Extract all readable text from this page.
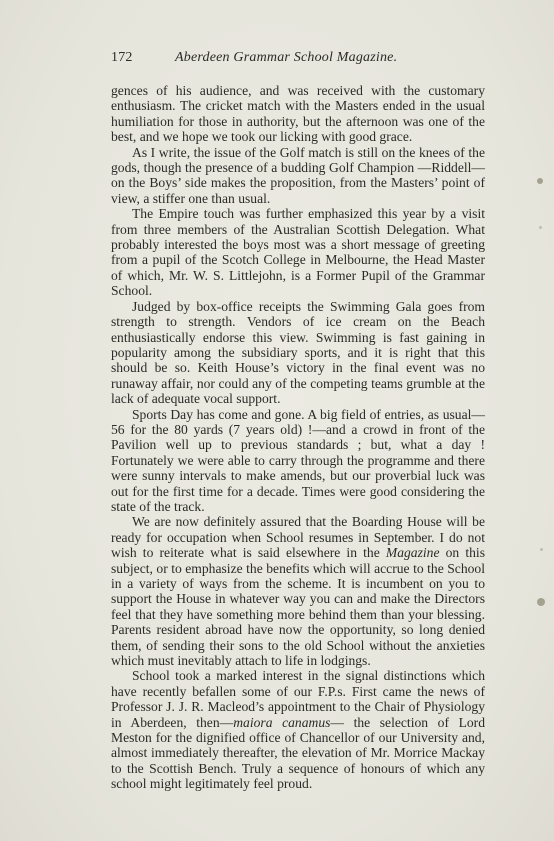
172	Aberdeen Grammar School Magazine.

gences of his audience, and was received with the customary enthusiasm. The cricket match with the Masters ended in the usual humiliation for those in authority, but the afternoon was one of the best, and we hope we took our licking with good grace.

As I write, the issue of the Golf match is still on the knees of the gods, though the presence of a budding Golf Champion —Riddell—on the Boys’ side makes the proposition, from the Masters’ point of view, a stiffer one than usual.

The Empire touch was further emphasized this year by a visit from three members of the Australian Scottish Delegation. What probably interested the boys most was a short message of greeting from a pupil of the Scotch College in Melbourne, the Head Master of which, Mr. W. S. Littlejohn, is a Former Pupil of the Grammar School.

Judged by box-office receipts the Swimming Gala goes from strength to strength. Vendors of ice cream on the Beach enthusiastically endorse this view. Swimming is fast gaining in popularity among the subsidiary sports, and it is right that this should be so. Keith House’s victory in the final event was no runaway affair, nor could any of the competing teams grumble at the lack of adequate vocal support.

Sports Day has come and gone. A big field of entries, as usual—56 for the 80 yards (7 years old) !—and a crowd in front of the Pavilion well up to previous standards ; but, what a day ! Fortunately we were able to carry through the programme and there were sunny intervals to make amends, but our proverbial luck was out for the first time for a decade. Times were good considering the state of the track.

We are now definitely assured that the Boarding House will be ready for occupation when School resumes in September. I do not wish to reiterate what is said elsewhere in the Magazine on this subject, or to emphasize the benefits which will accrue to the School in a variety of ways from the scheme. It is incumbent on you to support the House in whatever way you can and make the Directors feel that they have something more behind them than your blessing. Parents resident abroad have now the opportunity, so long denied them, of sending their sons to the old School without the anxieties which must inevitably attach to life in lodgings.

School took a marked interest in the signal distinctions which have recently befallen some of our F.P.s. First came the news of Professor J. J. R. Macleod’s appointment to the Chair of Physiology in Aberdeen, then—maiora canamus— the selection of Lord Meston for the dignified office of Chancellor of our University and, almost immediately thereafter, the elevation of Mr. Morrice Mackay to the Scottish Bench. Truly a sequence of honours of which any school might legitimately feel proud.
